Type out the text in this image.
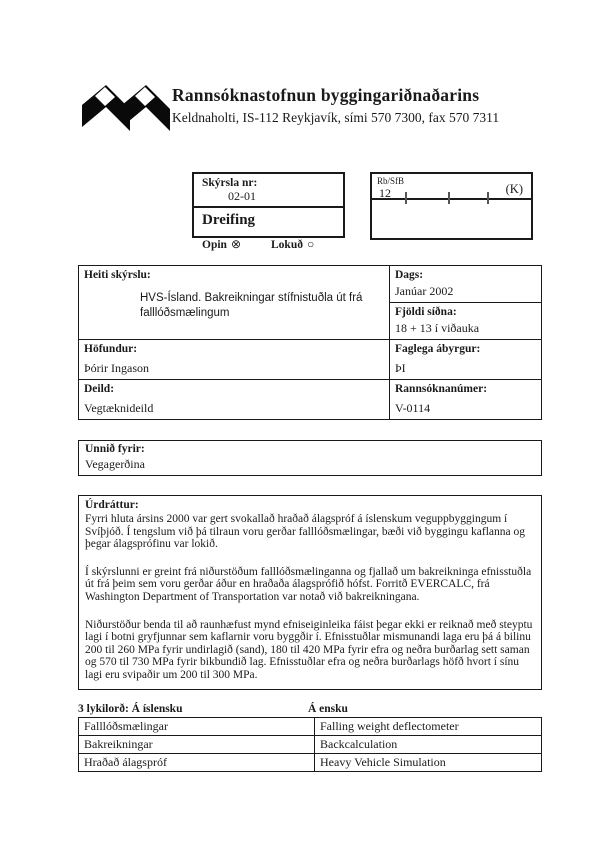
Rannsóknastofnun byggingariðnaðarins
Keldnaholti, IS-112 Reykjavík, sími 570 7300, fax 570 7311
Skýrsla nr:
02-01
Dreifing
Opin ⊗	Lokuð ○
Rb/SfB
12	(K)
Heiti skýrslu:
HVS-Ísland. Bakreikningar stífnistuðla út frá falllóðsmælingum

Dags:
Janúar 2002

	Fjöldi síðna:
18 + 13 í viðauka

Höfundur:
Þórir Ingason

Faglega ábyrgur:
ÞI

Deild:
Vegtæknideild

Rannsóknanúmer:
V-0114
Unnið fyrir:
Vegagerðina
Úrdráttur:

Fyrri hluta ársins 2000 var gert svokallað hraðað álagspróf á íslenskum veguppbyggingum í Svíþjóð. Í tengslum við þá tilraun voru gerðar falllóðsmælingar, bæði við byggingu kaflanna og þegar álagsprófinu var lokið.

Í skýrslunni er greint frá niðurstöðum falllóðsmælinganna og fjallað um bakreikninga efnisstuðla út frá þeim sem voru gerðar áður en hraðaða álagsprófið hófst. Forritð EVERCALC, frá Washington Department of Transportation var notað við bakreikningana.

Niðurstöður benda til að raunhæfust mynd efniseiginleika fáist þegar ekki er reiknað með steyptu lagi í botni gryfjunnar sem kaflarnir voru byggðir í. Efnisstuðlar mismunandi laga eru þá á bilinu 200 til 260 MPa fyrir undirlagið (sand), 180 til 420 MPa fyrir efra og neðra burðarlag sett saman og 570 til 730 MPa fyrir bikbundið lag. Efnisstuðlar efra og neðra burðarlags höfð hvort í sínu lagi eru svipaðir um 200 til 300 MPa.

3 lykilorð: Á íslensku	Á ensku
Falllóðsmælingar	Falling weight deflectometer
Bakreikningar	Backcalculation
Hraðað álagspróf	Heavy Vehicle Simulation
